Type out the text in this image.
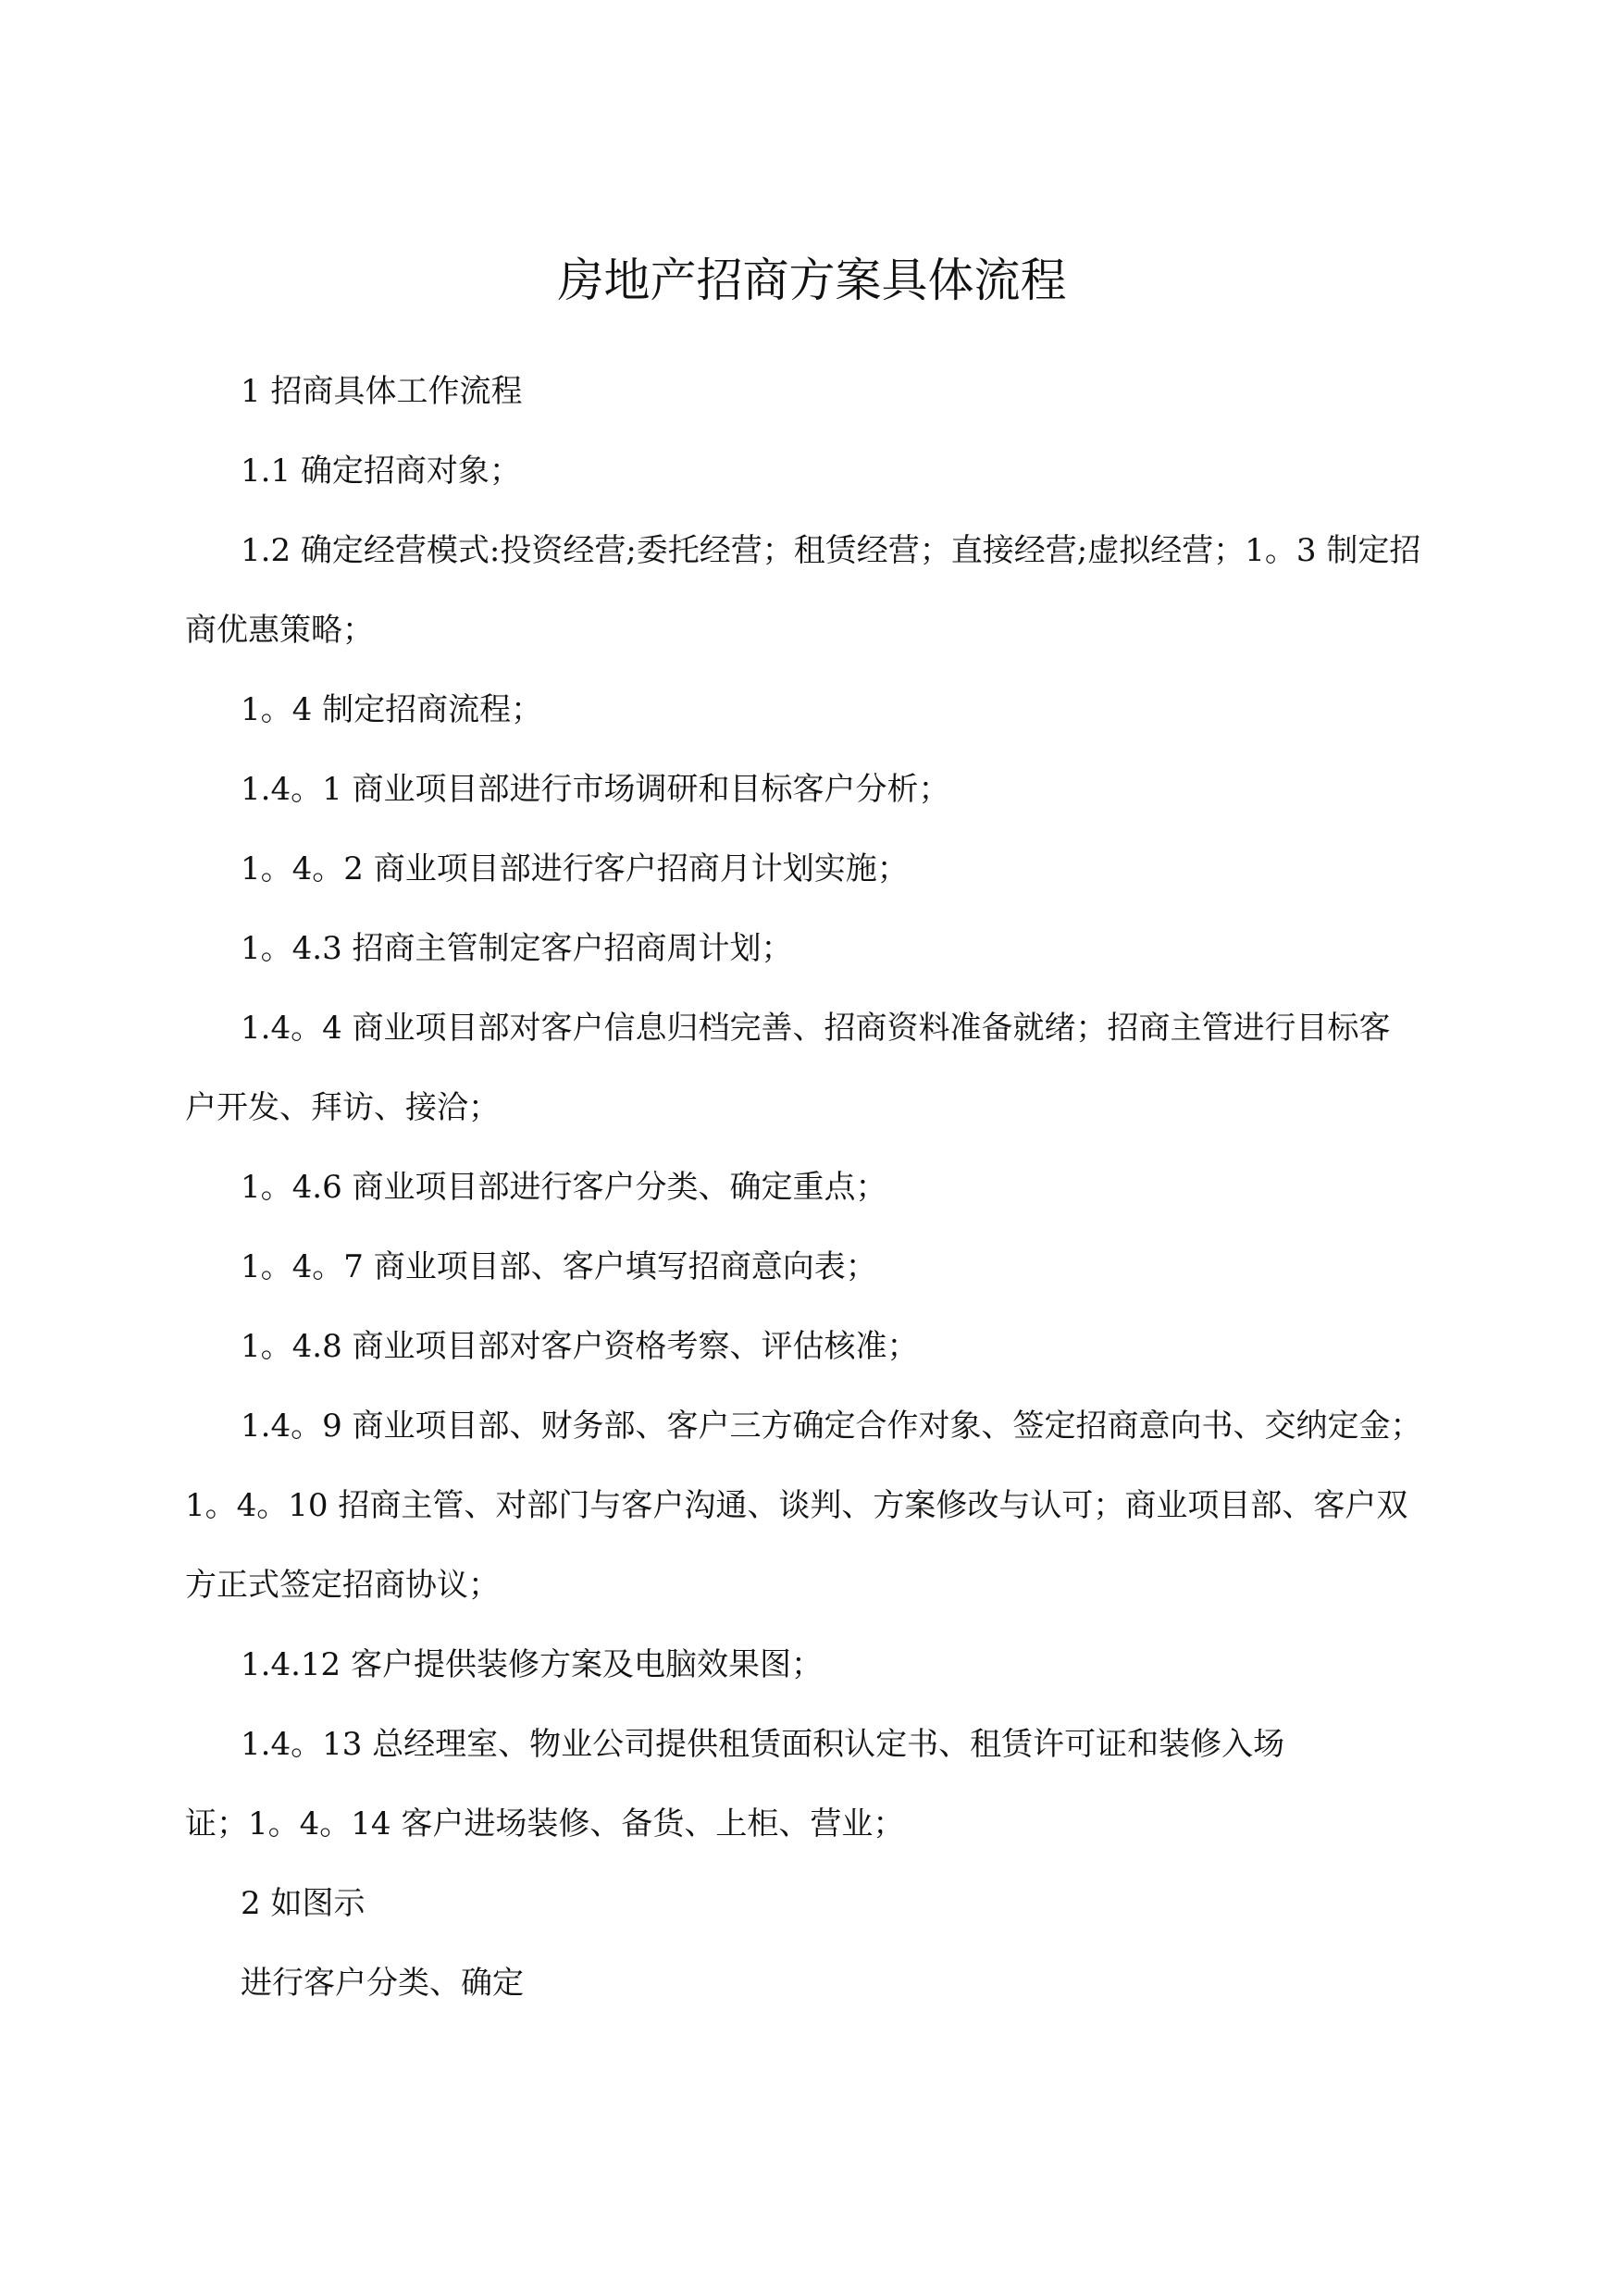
房地产招商方案具体流程
1 招商具体工作流程
1.1 确定招商对象；
1.2 确定经营模式:投资经营;委托经营；租赁经营；直接经营;虚拟经营；1。3 制定招
商优惠策略；
1。4 制定招商流程；
1.4。1 商业项目部进行市场调研和目标客户分析；
1。4。2 商业项目部进行客户招商月计划实施；
1。4.3 招商主管制定客户招商周计划；
1.4。4 商业项目部对客户信息归档完善、招商资料准备就绪；招商主管进行目标客
户开发、拜访、接洽；
1。4.6 商业项目部进行客户分类、确定重点；
1。4。7 商业项目部、客户填写招商意向表；
1。4.8 商业项目部对客户资格考察、评估核准；
1.4。9 商业项目部、财务部、客户三方确定合作对象、签定招商意向书、交纳定金；
1。4。10 招商主管、对部门与客户沟通、谈判、方案修改与认可；商业项目部、客户双
方正式签定招商协议；
1.4.12 客户提供装修方案及电脑效果图；
1.4。13 总经理室、物业公司提供租赁面积认定书、租赁许可证和装修入场
证；1。4。14 客户进场装修、备货、上柜、营业；
2 如图示
进行客户分类、确定
